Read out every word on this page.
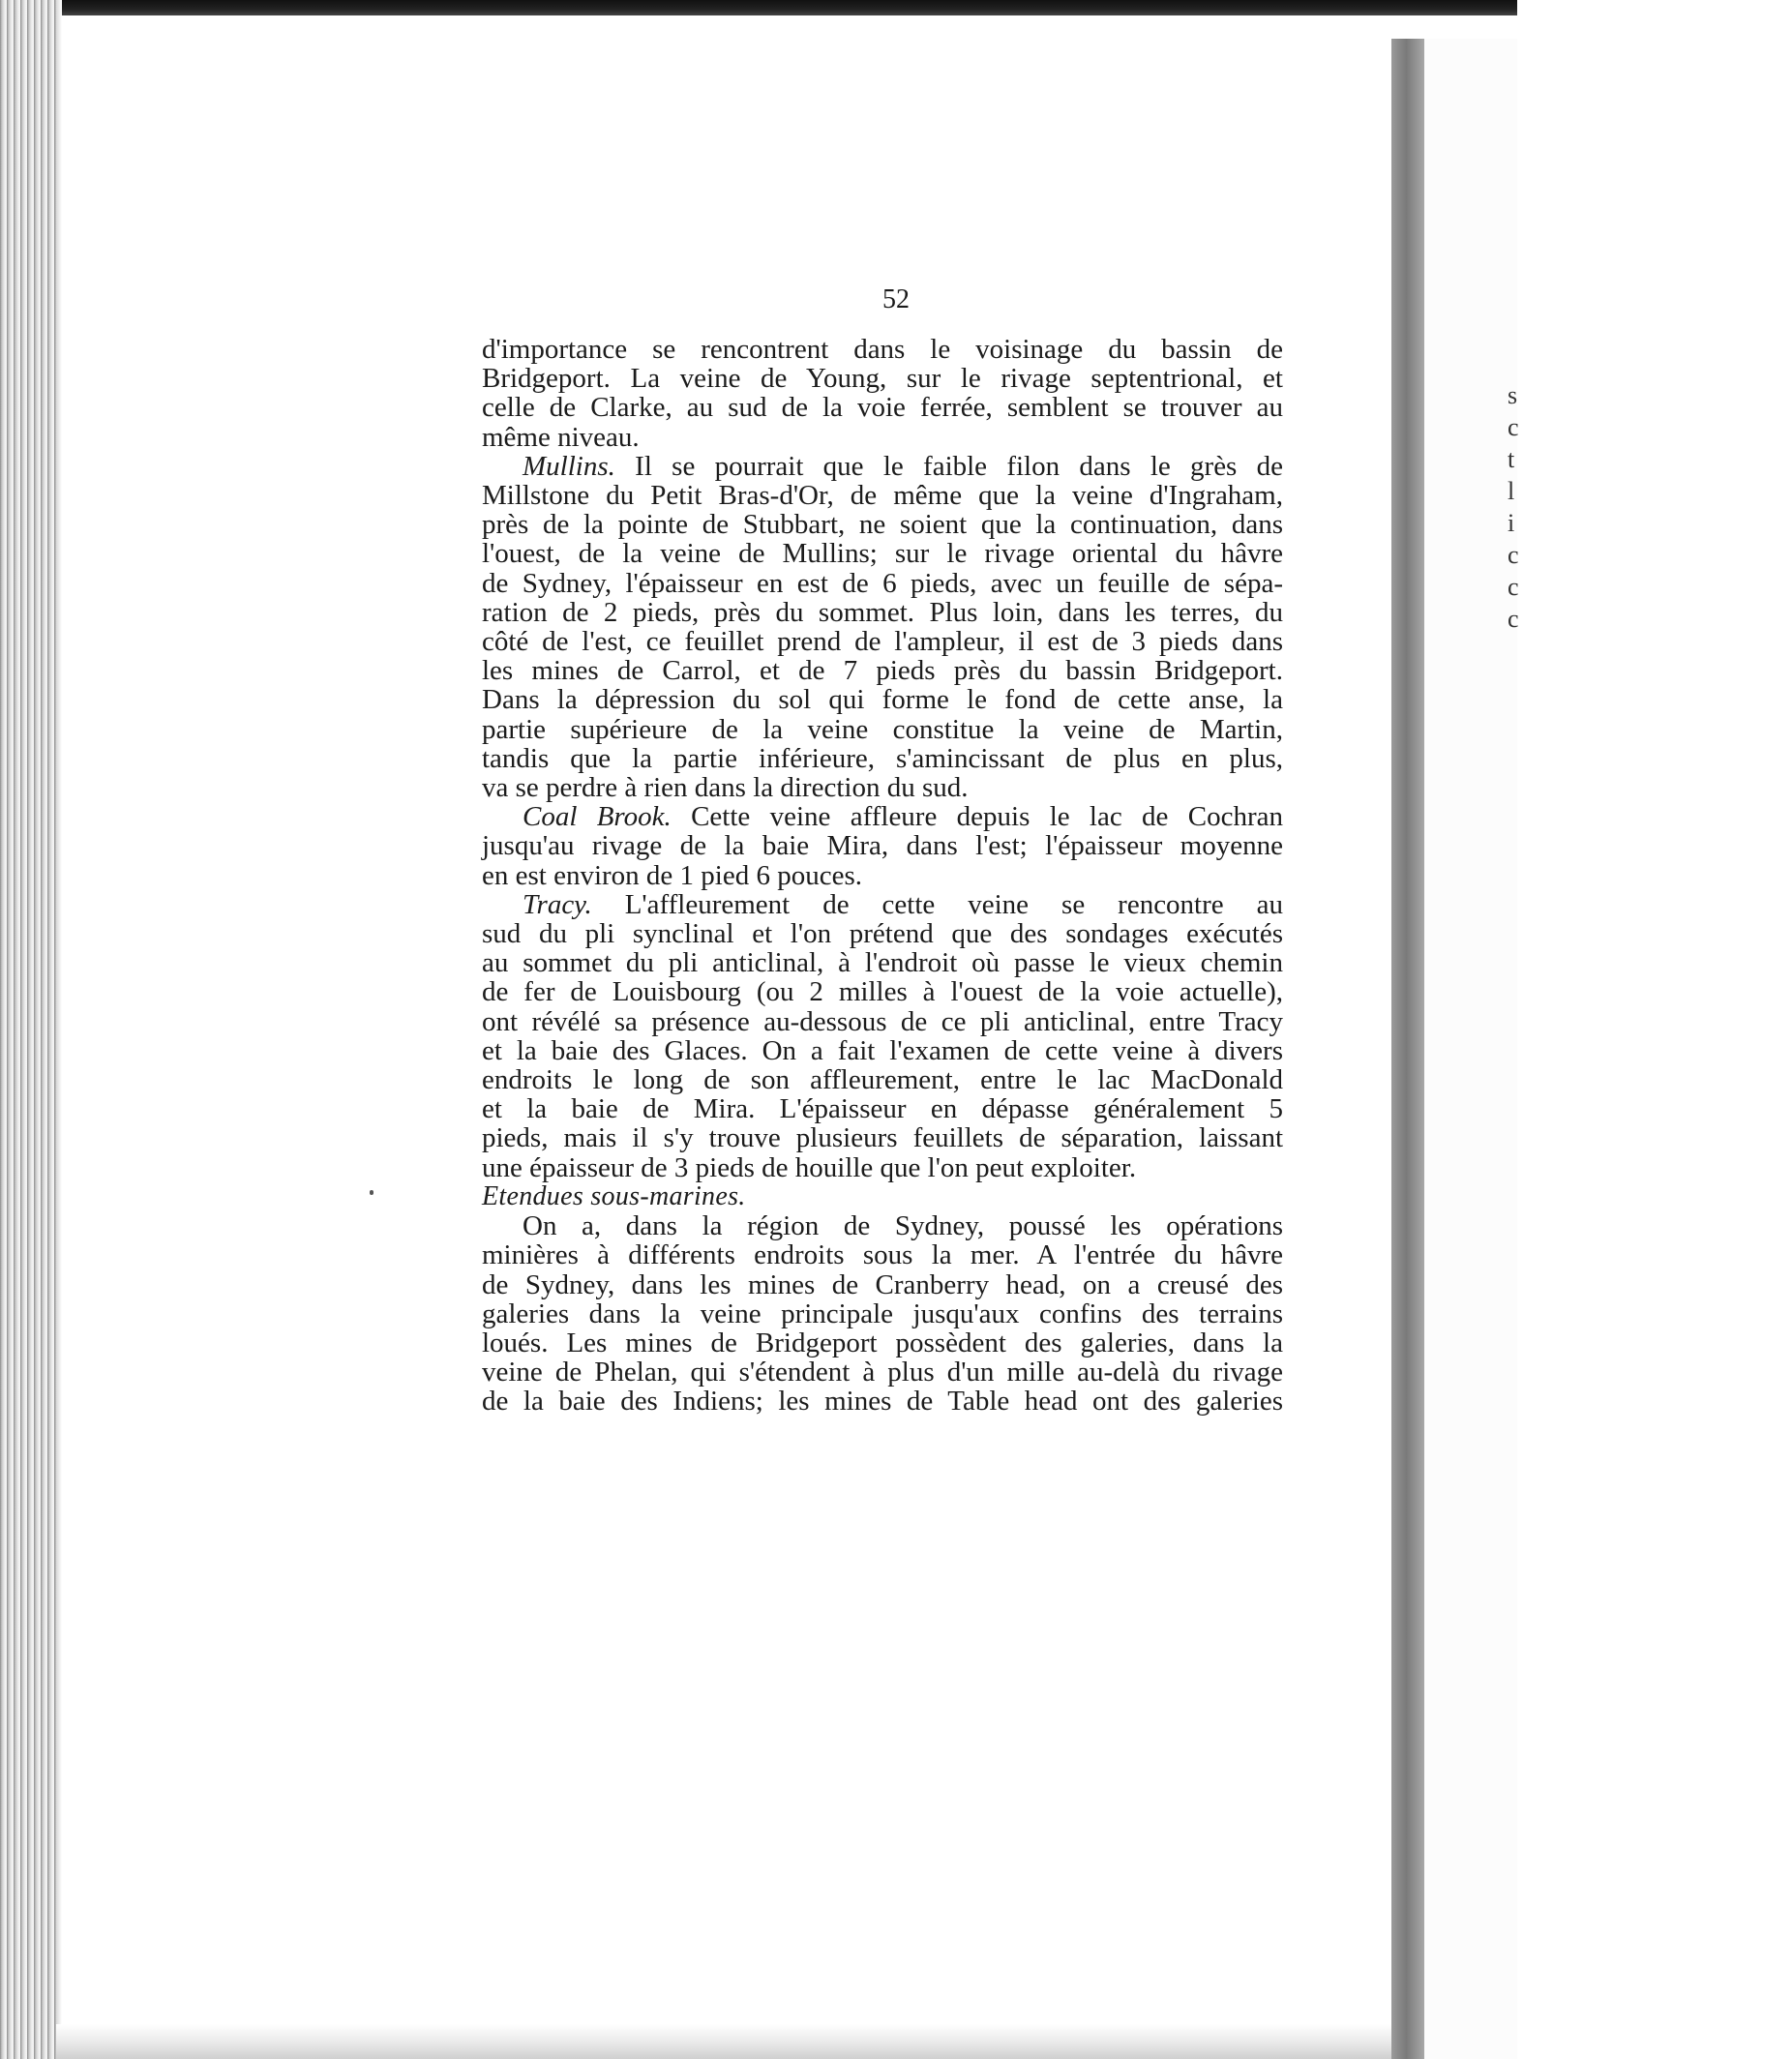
s
c
t
l
i
c
c
c

52

d'importance se rencontrent dans le voisinage du bassin de
Bridgeport. La veine de Young, sur le rivage septentrional, et
celle de Clarke, au sud de la voie ferrée, semblent se trouver au
même niveau.

Mullins. Il se pourrait que le faible filon dans le grès de
Millstone du Petit Bras-d'Or, de même que la veine d'Ingraham,
près de la pointe de Stubbart, ne soient que la continuation, dans
l'ouest, de la veine de Mullins; sur le rivage oriental du hâvre
de Sydney, l'épaisseur en est de 6 pieds, avec un feuille de sépa-
ration de 2 pieds, près du sommet. Plus loin, dans les terres, du
côté de l'est, ce feuillet prend de l'ampleur, il est de 3 pieds dans
les mines de Carrol, et de 7 pieds près du bassin Bridgeport.
Dans la dépression du sol qui forme le fond de cette anse, la
partie supérieure de la veine constitue la veine de Martin,
tandis que la partie inférieure, s'amincissant de plus en plus,
va se perdre à rien dans la direction du sud.

Coal Brook. Cette veine affleure depuis le lac de Cochran
jusqu'au rivage de la baie Mira, dans l'est; l'épaisseur moyenne
en est environ de 1 pied 6 pouces.

Tracy. L'affleurement de cette veine se rencontre au
sud du pli synclinal et l'on prétend que des sondages exécutés
au sommet du pli anticlinal, à l'endroit où passe le vieux chemin
de fer de Louisbourg (ou 2 milles à l'ouest de la voie actuelle),
ont révélé sa présence au-dessous de ce pli anticlinal, entre Tracy
et la baie des Glaces. On a fait l'examen de cette veine à divers
endroits le long de son affleurement, entre le lac MacDonald
et la baie de Mira. L'épaisseur en dépasse généralement 5
pieds, mais il s'y trouve plusieurs feuillets de séparation, laissant
une épaisseur de 3 pieds de houille que l'on peut exploiter.

Etendues sous-marines.

On a, dans la région de Sydney, poussé les opérations
minières à différents endroits sous la mer. A l'entrée du hâvre
de Sydney, dans les mines de Cranberry head, on a creusé des
galeries dans la veine principale jusqu'aux confins des terrains
loués. Les mines de Bridgeport possèdent des galeries, dans la
veine de Phelan, qui s'étendent à plus d'un mille au-delà du rivage
de la baie des Indiens; les mines de Table head ont des galeries
